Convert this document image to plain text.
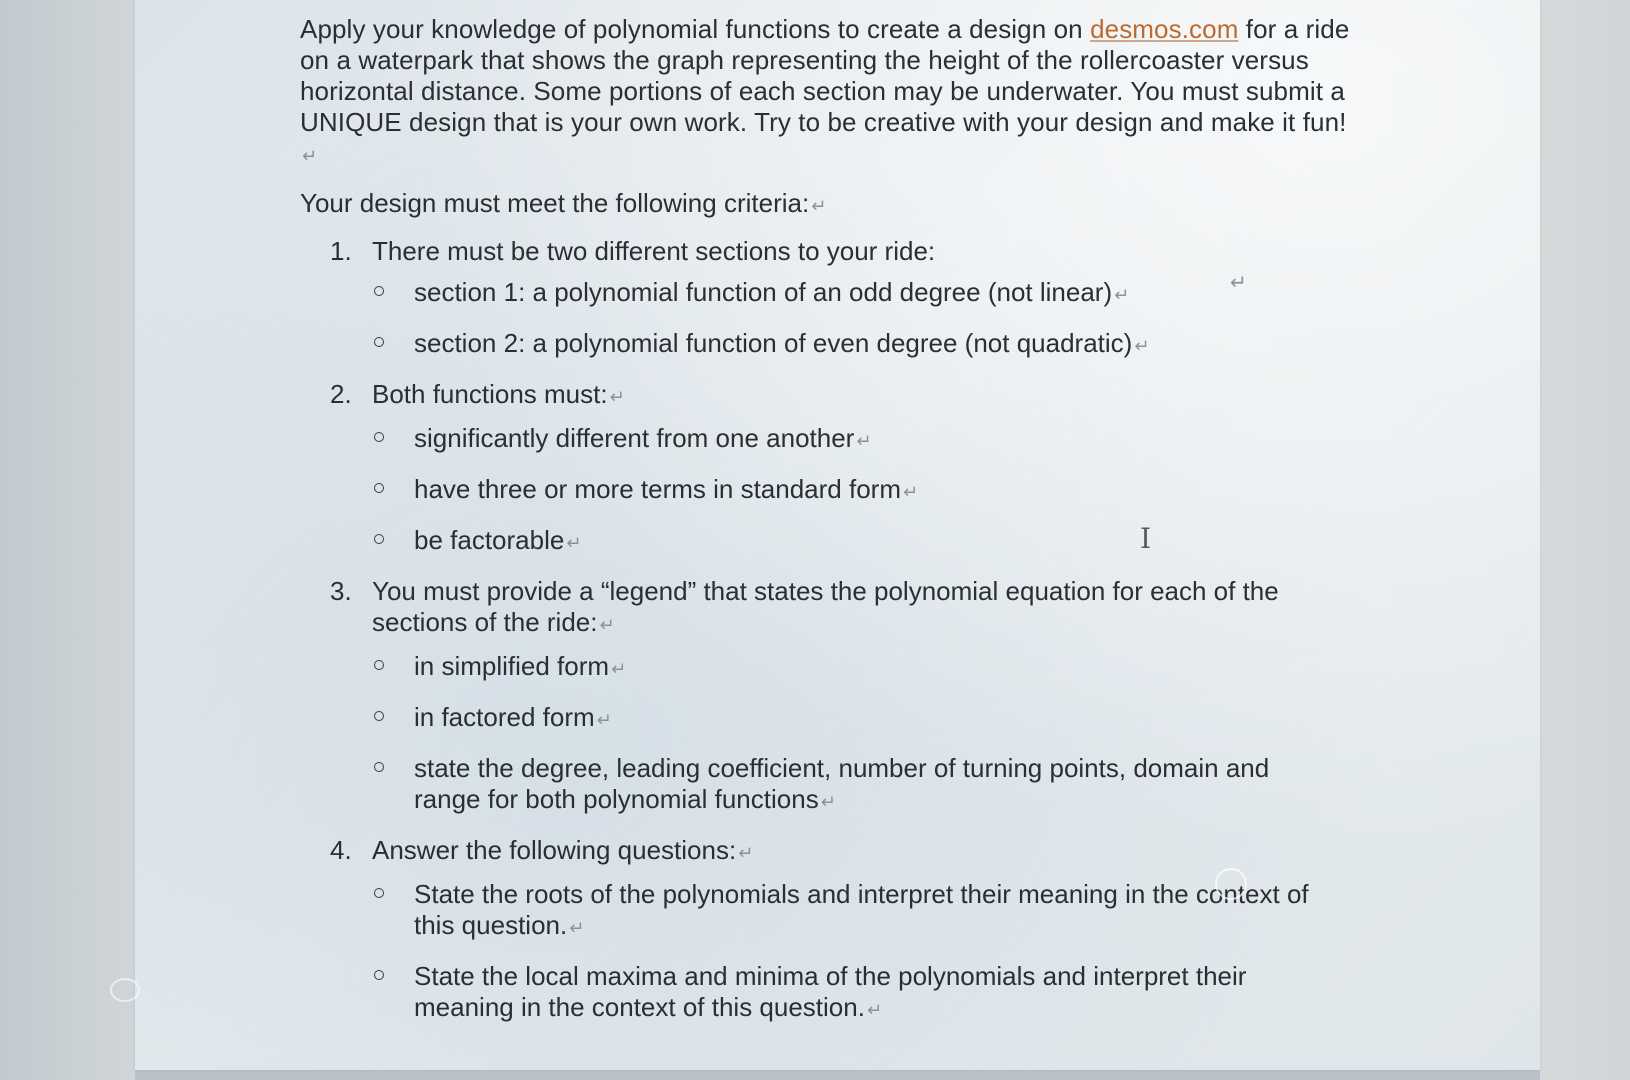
Apply your knowledge of polynomial functions to create a design on desmos.com for a ride on a waterpark that shows the graph representing the height of the rollercoaster versus horizontal distance. Some portions of each section may be underwater. You must submit a UNIQUE design that is your own work. Try to be creative with your design and make it fun!↵

Your design must meet the following criteria: ↵

1. There must be two different sections to your ride:

section 1: a polynomial function of an odd degree (not linear) ↵
section 2: a polynomial function of even degree (not quadratic) ↵
2. Both functions must: ↵

significantly different from one another ↵
have three or more terms in standard form ↵
be factorable ↵
3. You must provide a “legend” that states the polynomial equation for each of the sections of the ride: ↵

in simplified form ↵
in factored form ↵
state the degree, leading coefficient, number of turning points, domain and range for both polynomial functions ↵
4. Answer the following questions: ↵

State the roots of the polynomials and interpret their meaning in the context of this question. ↵
State the local maxima and minima of the polynomials and interpret their meaning in the context of this question. ↵
↵
I
